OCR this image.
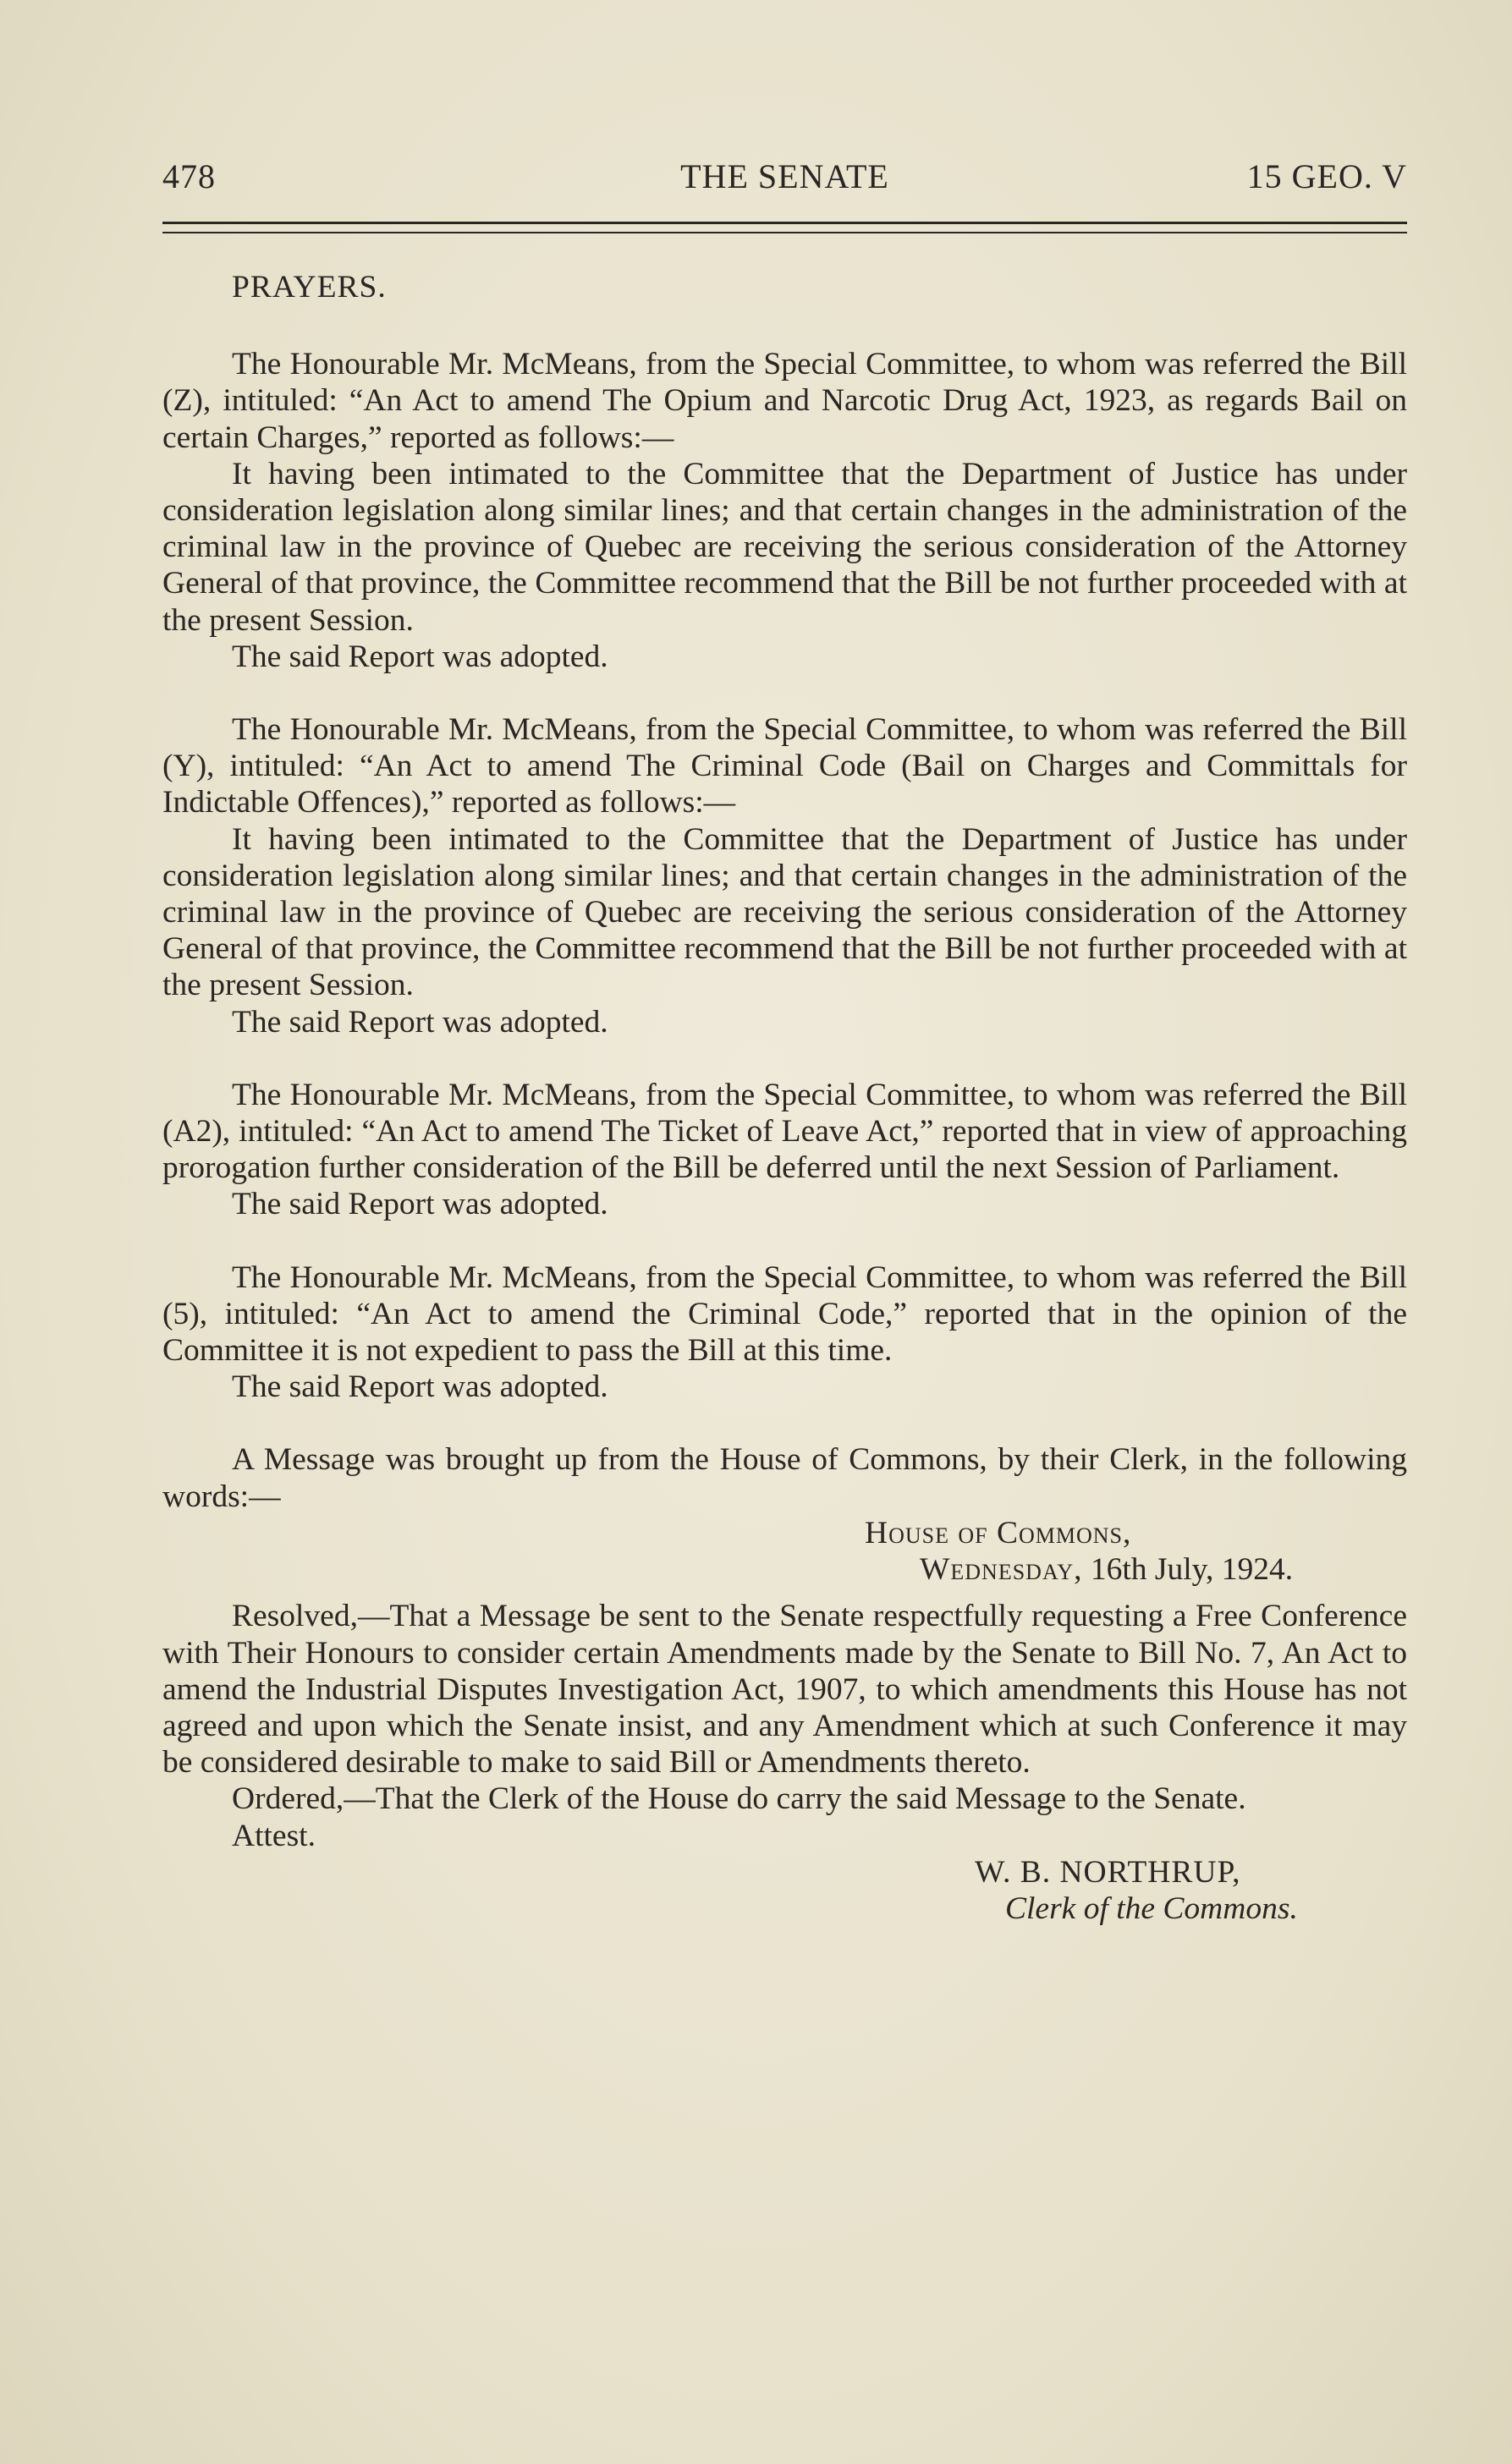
478	THE SENATE	15 GEO. V

PRAYERS.

The Honourable Mr. McMeans, from the Special Committee, to whom was referred the Bill (Z), intituled: “An Act to amend The Opium and Narcotic Drug Act, 1923, as regards Bail on certain Charges,” reported as follows:—

It having been intimated to the Committee that the Department of Justice has under consideration legislation along similar lines; and that certain changes in the administration of the criminal law in the province of Quebec are receiving the serious consideration of the Attorney General of that province, the Committee recommend that the Bill be not further proceeded with at the present Session.

The said Report was adopted.

The Honourable Mr. McMeans, from the Special Committee, to whom was referred the Bill (Y), intituled: “An Act to amend The Criminal Code (Bail on Charges and Committals for Indictable Offences),” reported as follows:—

It having been intimated to the Committee that the Department of Justice has under consideration legislation along similar lines; and that certain changes in the administration of the criminal law in the province of Quebec are receiving the serious consideration of the Attorney General of that province, the Committee recommend that the Bill be not further proceeded with at the present Session.

The said Report was adopted.

The Honourable Mr. McMeans, from the Special Committee, to whom was referred the Bill (A2), intituled: “An Act to amend The Ticket of Leave Act,” reported that in view of approaching prorogation further consideration of the Bill be deferred until the next Session of Parliament.

The said Report was adopted.

The Honourable Mr. McMeans, from the Special Committee, to whom was referred the Bill (5), intituled: “An Act to amend the Criminal Code,” reported that in the opinion of the Committee it is not expedient to pass the Bill at this time.

The said Report was adopted.

A Message was brought up from the House of Commons, by their Clerk, in the following words:—

House of Commons,

Wednesday, 16th July, 1924.

Resolved,—That a Message be sent to the Senate respectfully requesting a Free Conference with Their Honours to consider certain Amendments made by the Senate to Bill No. 7, An Act to amend the Industrial Disputes Investigation Act, 1907, to which amendments this House has not agreed and upon which the Senate insist, and any Amendment which at such Conference it may be considered desirable to make to said Bill or Amendments thereto.

Ordered,—That the Clerk of the House do carry the said Message to the Senate.

Attest.

W. B. NORTHRUP,

Clerk of the Commons.
